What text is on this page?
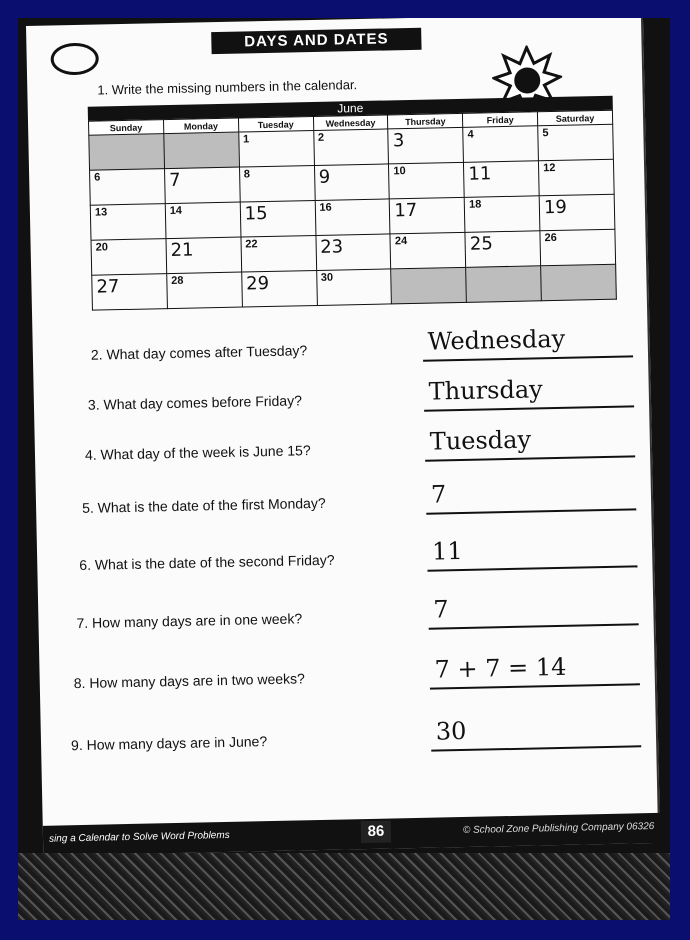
DAYS AND DATES
1. Write the missing numbers in the calendar.
June
Sunday	Monday	Tuesday	Wednesday	Thursday	Friday	Saturday
		1	2	3	4	5
6	7	8	9	10	11	12
13	14	15	16	17	18	19
20	21	22	23	24	25	26
27	28	29	30			
2. What day comes after Tuesday?	Wednesday
3. What day comes before Friday?	Thursday
4. What day of the week is June 15?	Tuesday
5. What is the date of the first Monday?	7
6. What is the date of the second Friday?	11
7. How many days are in one week?	7
8. How many days are in two weeks?	7 + 7 = 14
9. How many days are in June?	30
sing a Calendar to Solve Word Problems	86	© School Zone Publishing Company 06326
